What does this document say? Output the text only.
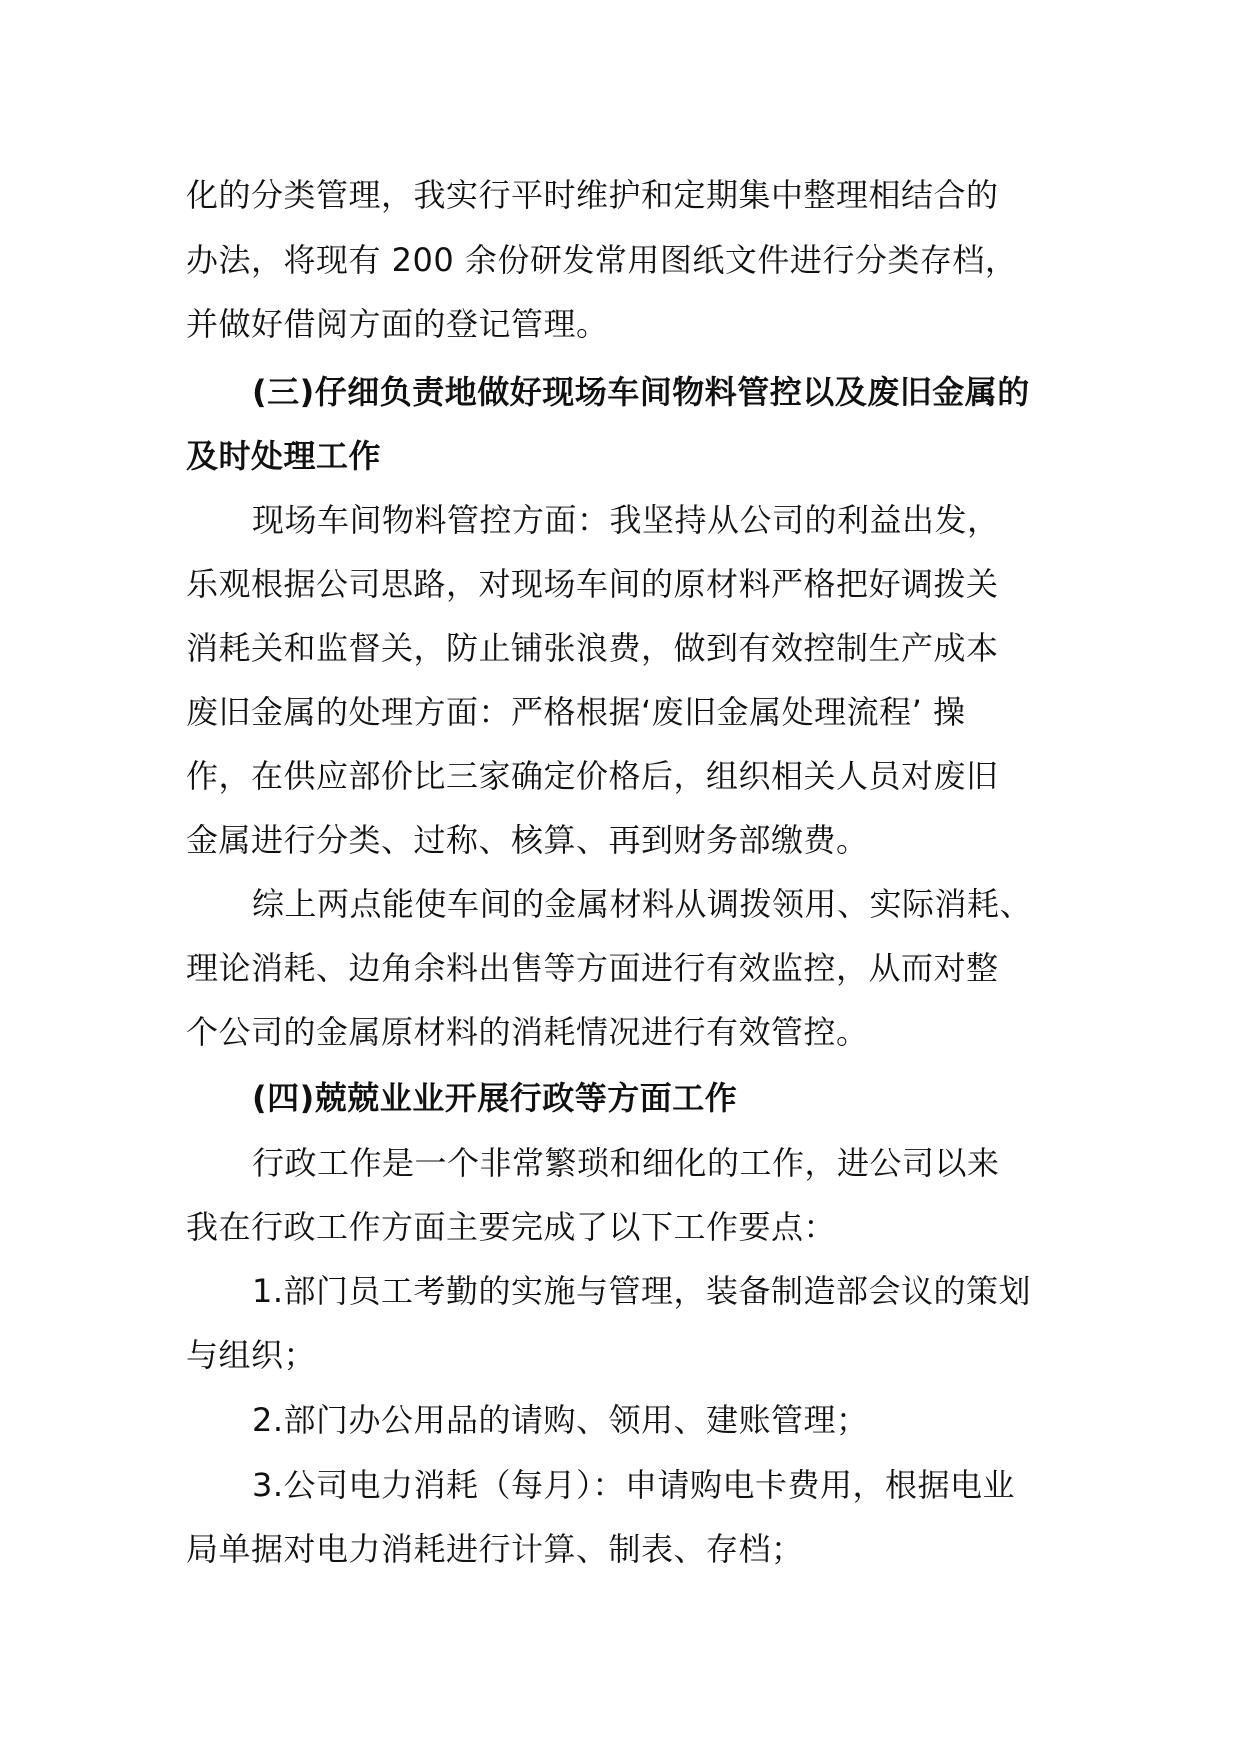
化的分类管理，我实行平时维护和定期集中整理相结合的
办法，将现有 200 余份研发常用图纸文件进行分类存档，
并做好借阅方面的登记管理。
(三)仔细负责地做好现场车间物料管控以及废旧金属的
及时处理工作
现场车间物料管控方面：我坚持从公司的利益出发，
乐观根据公司思路，对现场车间的原材料严格把好调拨关
消耗关和监督关，防止铺张浪费，做到有效控制生产成本
废旧金属的处理方面：严格根据‘废旧金属处理流程’ 操
作，在供应部价比三家确定价格后，组织相关人员对废旧
金属进行分类、过称、核算、再到财务部缴费。
综上两点能使车间的金属材料从调拨领用、实际消耗、
理论消耗、边角余料出售等方面进行有效监控，从而对整
个公司的金属原材料的消耗情况进行有效管控。
(四)兢兢业业开展行政等方面工作
行政工作是一个非常繁琐和细化的工作，进公司以来
我在行政工作方面主要完成了以下工作要点：
1.部门员工考勤的实施与管理，装备制造部会议的策划
与组织；
2.部门办公用品的请购、领用、建账管理；
3.公司电力消耗（每月）：申请购电卡费用，根据电业
局单据对电力消耗进行计算、制表、存档；
